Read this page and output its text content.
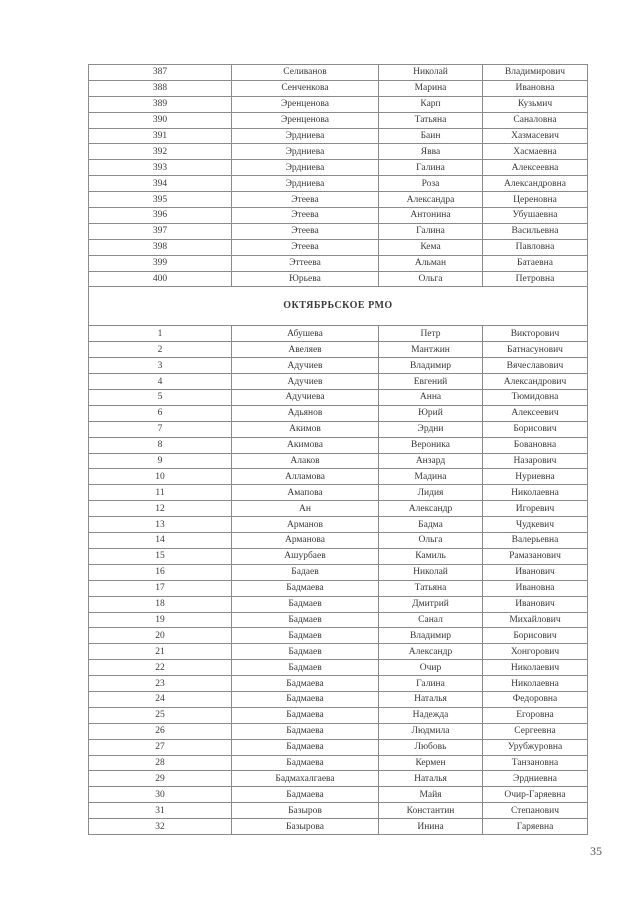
387	Селиванов	Николай	Владимирович
388	Сенченкова	Марина	Ивановна
389	Эренценова	Карп	Кузьмич
390	Эренценова	Татьяна	Саналовна
391	Эрдниева	Баин	Хазмасевич
392	Эрдниева	Явва	Хасмаевна
393	Эрдниева	Галина	Алексеевна
394	Эрдниева	Роза	Александровна
395	Этеева	Александра	Цереновна
396	Этеева	Антонина	Убушаевна
397	Этеева	Галина	Васильевна
398	Этеева	Кема	Павловна
399	Эттеева	Альман	Батаевна
400	Юрьева	Ольга	Петровна
ОКТЯБРЬСКОЕ РМО			
1	Абушева	Петр	Викторович
2	Авеляев	Мантжин	Батнасунович
3	Адучиев	Владимир	Вячеславович
4	Адучиев	Евгений	Александрович
5	Адучиева	Анна	Тюмидовна
6	Адьянов	Юрий	Алексеевич
7	Акимов	Эрдни	Борисович
8	Акимова	Вероника	Бовановна
9	Алаков	Анзард	Назарович
10	Алламова	Мадина	Нуриевна
11	Амапова	Лидия	Николаевна
12	Ан	Александр	Игоревич
13	Арманов	Бадма	Чудкевич
14	Арманова	Ольга	Валерьевна
15	Ашурбаев	Камиль	Рамазанович
16	Бадаев	Николай	Иванович
17	Бадмаева	Татьяна	Ивановна
18	Бадмаев	Дмитрий	Иванович
19	Бадмаев	Санал	Михайлович
20	Бадмаев	Владимир	Борисович
21	Бадмаев	Александр	Хонгорович
22	Бадмаев	Очир	Николаевич
23	Бадмаева	Галина	Николаевна
24	Бадмаева	Наталья	Федоровна
25	Бадмаева	Надежда	Егоровна
26	Бадмаева	Людмила	Сергеевна
27	Бадмаева	Любовь	Урубжуровна
28	Бадмаева	Кермен	Танзановна
29	Бадмахалгаева	Наталья	Эрдниевна
30	Бадмаева	Майя	Очир-Гаряевна
31	Базыров	Константин	Степанович
32	Базырова	Инина	Гаряевна
35
